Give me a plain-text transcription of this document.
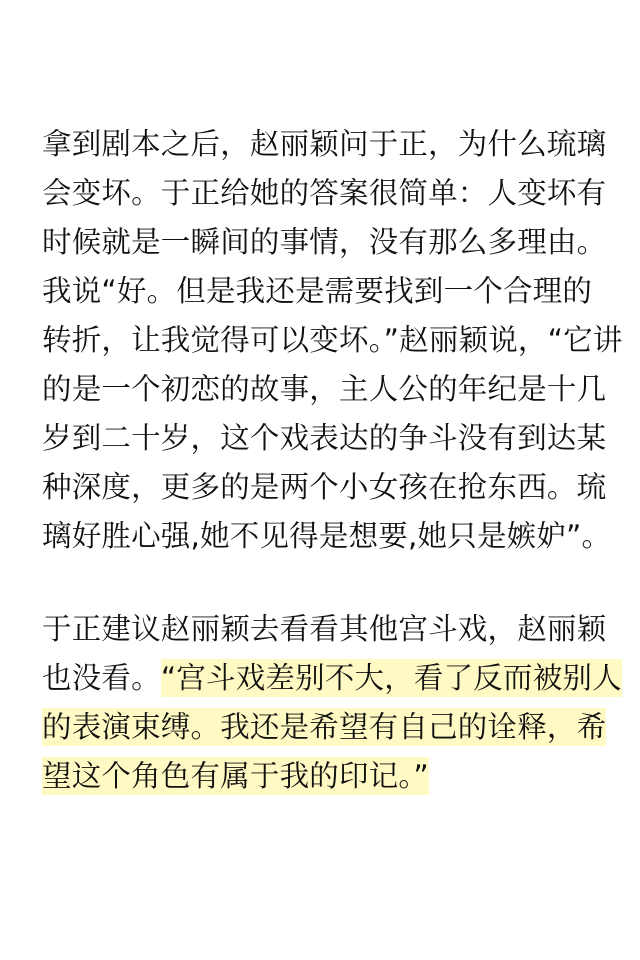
拿到剧本之后，赵丽颖问于正，为什么琉璃
会变坏。于正给她的答案很简单：人变坏有
时候就是一瞬间的事情，没有那么多理由。
我说“好。但是我还是需要找到一个合理的
转折，让我觉得可以变坏。”赵丽颖说，“它讲
的是一个初恋的故事，主人公的年纪是十几
岁到二十岁，这个戏表达的争斗没有到达某
种深度，更多的是两个小女孩在抢东西。琉
璃好胜心强,她不见得是想要,她只是嫉妒”。
于正建议赵丽颖去看看其他宫斗戏，赵丽颖
也没看。“宫斗戏差别不大，看了反而被别人
的表演束缚。我还是希望有自己的诠释，希
望这个角色有属于我的印记。”
